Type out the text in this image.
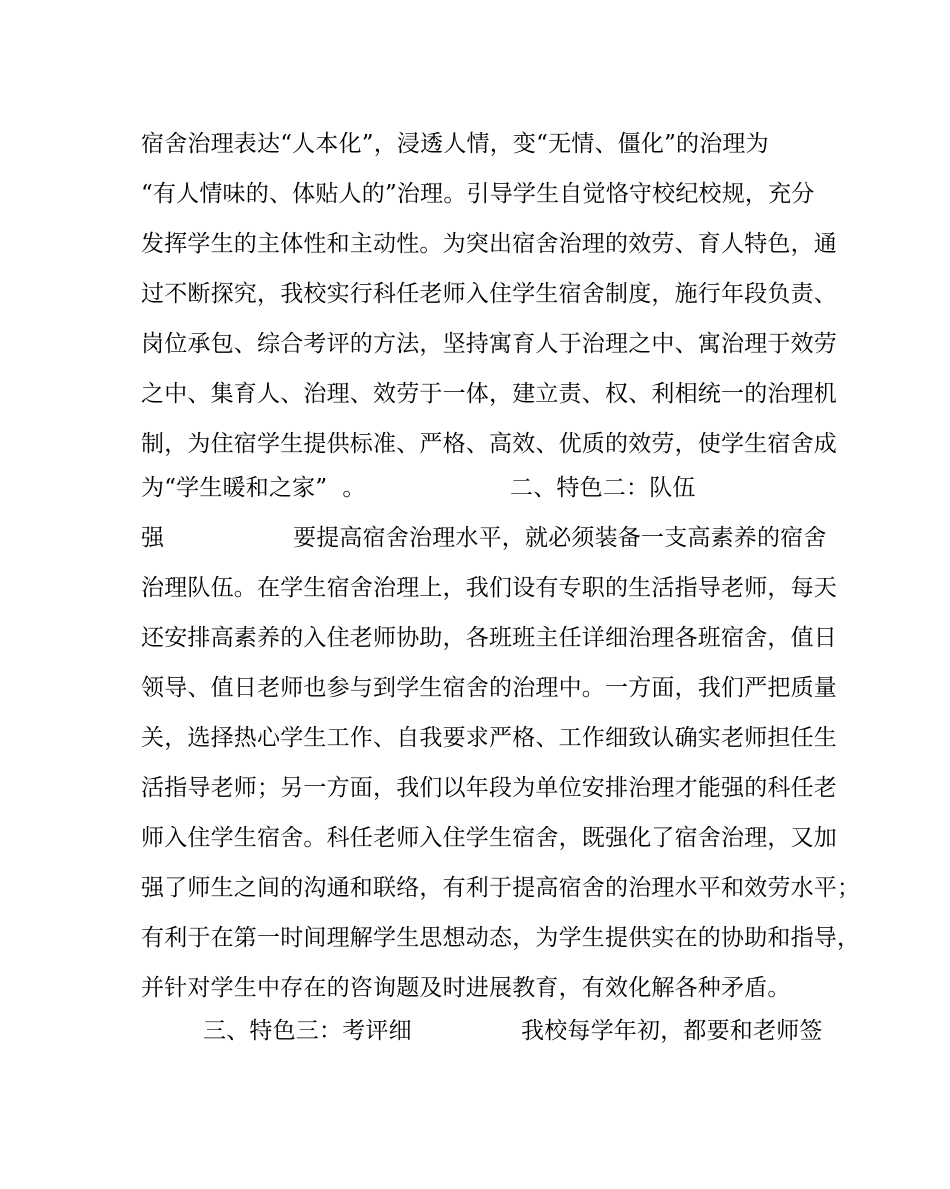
宿舍治理表达“人本化”，浸透人情，变“无情、僵化”的治理为
“有人情味的、体贴人的”治理。引导学生自觉恪守校纪校规，充分
发挥学生的主体性和主动性。为突出宿舍治理的效劳、育人特色，通
过不断探究，我校实行科任老师入住学生宿舍制度，施行年段负责、
岗位承包、综合考评的方法，坚持寓育人于治理之中、寓治理于效劳
之中、集育人、治理、效劳于一体，建立责、权、利相统一的治理机
制，为住宿学生提供标准、严格、高效、优质的效劳，使学生宿舍成

为“学生暖和之家”  。

	二、特色二：队伍

强

	要提高宿舍治理水平，就必须装备一支高素养的宿舍

治理队伍。在学生宿舍治理上，我们设有专职的生活指导老师，每天
还安排高素养的入住老师协助，各班班主任详细治理各班宿舍，值日
领导、值日老师也参与到学生宿舍的治理中。一方面，我们严把质量
关，选择热心学生工作、自我要求严格、工作细致认确实老师担任生
活指导老师；另一方面，我们以年段为单位安排治理才能强的科任老
师入住学生宿舍。科任老师入住学生宿舍，既强化了宿舍治理，又加
强了师生之间的沟通和联络，有利于提高宿舍的治理水平和效劳水平；
有利于在第一时间理解学生思想动态，为学生提供实在的协助和指导，
并针对学生中存在的咨询题及时进展教育，有效化解各种矛盾。

三、特色三：考评细

	我校每学年初，都要和老师签
